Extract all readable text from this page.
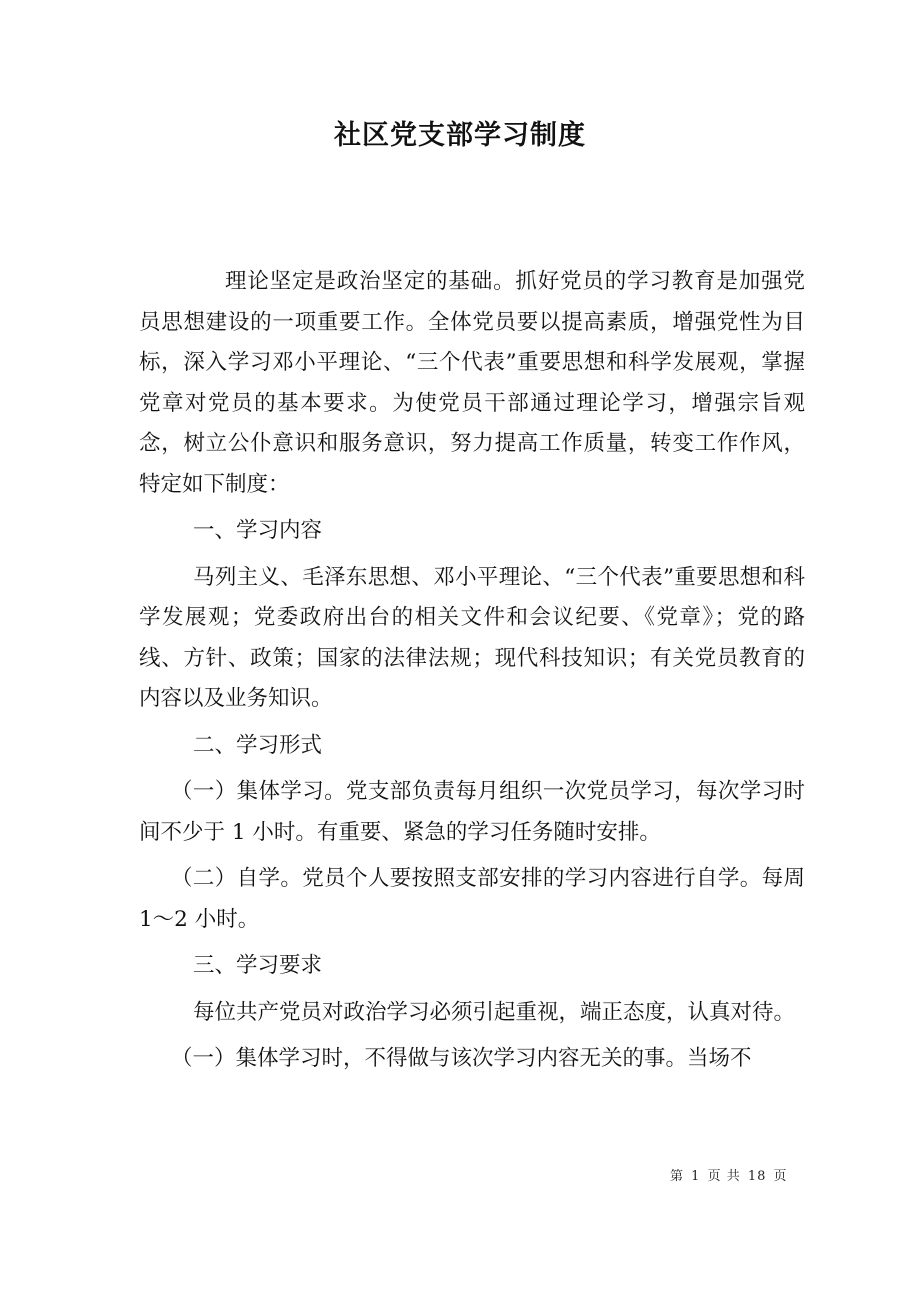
社区党支部学习制度

理论坚定是政治坚定的基础。抓好党员的学习教育是加强党员思想建设的一项重要工作。全体党员要以提高素质，增强党性为目标，深入学习邓小平理论、“三个代表”重要思想和科学发展观，掌握党章对党员的基本要求。为使党员干部通过理论学习，增强宗旨观念，树立公仆意识和服务意识，努力提高工作质量，转变工作作风，特定如下制度：

一、学习内容

马列主义、毛泽东思想、邓小平理论、“三个代表”重要思想和科学发展观；党委政府出台的相关文件和会议纪要、《党章》；党的路线、方针、政策；国家的法律法规；现代科技知识；有关党员教育的内容以及业务知识。

二、学习形式

（一）集体学习。党支部负责每月组织一次党员学习，每次学习时间不少于 1 小时。有重要、紧急的学习任务随时安排。

（二）自学。党员个人要按照支部安排的学习内容进行自学。每周 1～2 小时。

三、学习要求

每位共产党员对政治学习必须引起重视，端正态度，认真对待。

（一）集体学习时，不得做与该次学习内容无关的事。当场不

第 1 页 共 18 页
